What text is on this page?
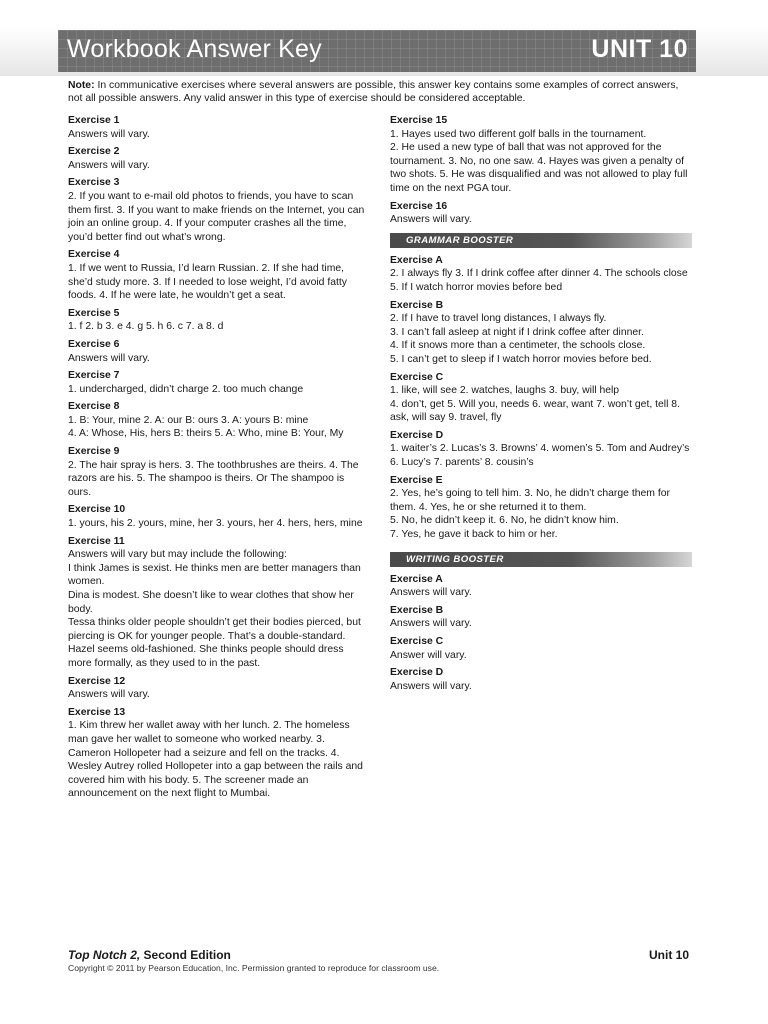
Workbook Answer Key	UNIT 10
Note: In communicative exercises where several answers are possible, this answer key contains some examples of correct answers, not all possible answers. Any valid answer in this type of exercise should be considered acceptable.
Exercise 1
Answers will vary.
Exercise 2
Answers will vary.
Exercise 3
2. If you want to e-mail old photos to friends, you have to scan them first. 3. If you want to make friends on the Internet, you can join an online group. 4. If your computer crashes all the time, you’d better find out what’s wrong.
Exercise 4
1. If we went to Russia, I’d learn Russian. 2. If she had time, she’d study more. 3. If I needed to lose weight, I’d avoid fatty foods. 4. If he were late, he wouldn’t get a seat.
Exercise 5
1. f 2. b 3. e 4. g 5. h 6. c 7. a 8. d
Exercise 6
Answers will vary.
Exercise 7
1. undercharged, didn’t charge 2. too much change
Exercise 8
1. B: Your, mine 2. A: our B: ours 3. A: yours B: mine
4. A: Whose, His, hers B: theirs 5. A: Who, mine B: Your, My
Exercise 9
2. The hair spray is hers. 3. The toothbrushes are theirs. 4. The razors are his. 5. The shampoo is theirs. Or The shampoo is ours.
Exercise 10
1. yours, his 2. yours, mine, her 3. yours, her 4. hers, hers, mine
Exercise 11
Answers will vary but may include the following:
I think James is sexist. He thinks men are better managers than women.
Dina is modest. She doesn’t like to wear clothes that show her body.
Tessa thinks older people shouldn’t get their bodies pierced, but piercing is OK for younger people. That’s a double-standard.
Hazel seems old-fashioned. She thinks people should dress more formally, as they used to in the past.
Exercise 12
Answers will vary.
Exercise 13
1. Kim threw her wallet away with her lunch. 2. The homeless man gave her wallet to someone who worked nearby. 3. Cameron Hollopeter had a seizure and fell on the tracks. 4. Wesley Autrey rolled Hollopeter into a gap between the rails and covered him with his body. 5. The screener made an announcement on the next flight to Mumbai.
Exercise 15
1. Hayes used two different golf balls in the tournament.
2. He used a new type of ball that was not approved for the tournament. 3. No, no one saw. 4. Hayes was given a penalty of two shots. 5. He was disqualified and was not allowed to play full time on the next PGA tour.
Exercise 16
Answers will vary.
GRAMMAR BOOSTER
Exercise A
2. I always fly 3. If I drink coffee after dinner 4. The schools close 5. If I watch horror movies before bed
Exercise B
2. If I have to travel long distances, I always fly.
3. I can’t fall asleep at night if I drink coffee after dinner.
4. If it snows more than a centimeter, the schools close.
5. I can’t get to sleep if I watch horror movies before bed.
Exercise C
1. like, will see 2. watches, laughs 3. buy, will help
4. don’t, get 5. Will you, needs 6. wear, want 7. won’t get, tell 8. ask, will say 9. travel, fly
Exercise D
1. waiter’s 2. Lucas’s 3. Browns’ 4. women’s 5. Tom and Audrey’s 6. Lucy’s 7. parents’ 8. cousin’s
Exercise E
2. Yes, he’s going to tell him. 3. No, he didn’t charge them for them. 4. Yes, he or she returned it to them.
5. No, he didn’t keep it. 6. No, he didn’t know him.
7. Yes, he gave it back to him or her.
WRITING BOOSTER
Exercise A
Answers will vary.
Exercise B
Answers will vary.
Exercise C
Answer will vary.
Exercise D
Answers will vary.
Top Notch 2, Second Edition	Unit 10
Copyright © 2011 by Pearson Education, Inc. Permission granted to reproduce for classroom use.
